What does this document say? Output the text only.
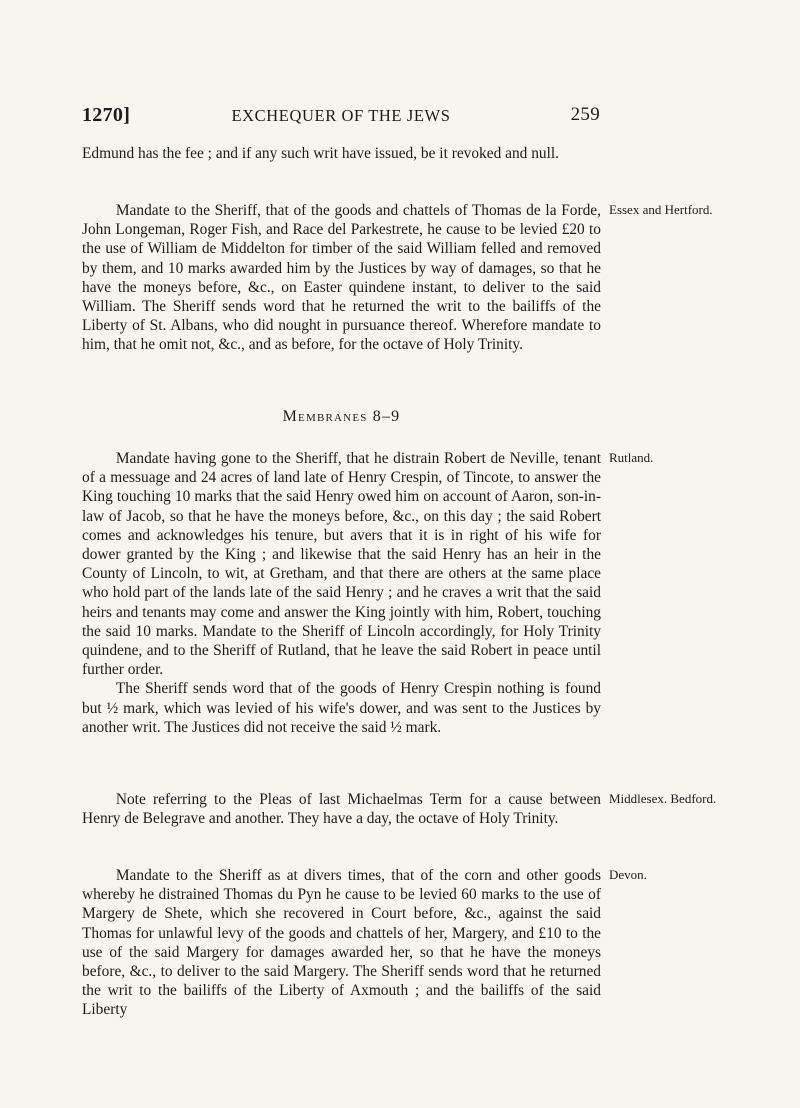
1270]	EXCHEQUER OF THE JEWS	259

Edmund has the fee ; and if any such writ have issued, be it revoked and null.

Mandate to the Sheriff, that of the goods and chattels of Thomas de la Forde, John Longeman, Roger Fish, and Race del Parkestrete, he cause to be levied £20 to the use of William de Middelton for timber of the said William felled and removed by them, and 10 marks awarded him by the Justices by way of damages, so that he have the moneys before, &c., on Easter quindene instant, to deliver to the said William. The Sheriff sends word that he returned the writ to the bailiffs of the Liberty of St. Albans, who did nought in pursuance thereof. Wherefore mandate to him, that he omit not, &c., and as before, for the octave of Holy Trinity.

Essex and Hertford.
Membranes 8–9

Mandate having gone to the Sheriff, that he distrain Robert de Neville, tenant of a messuage and 24 acres of land late of Henry Crespin, of Tincote, to answer the King touching 10 marks that the said Henry owed him on account of Aaron, son-in-law of Jacob, so that he have the moneys before, &c., on this day ; the said Robert comes and acknowledges his tenure, but avers that it is in right of his wife for dower granted by the King ; and likewise that the said Henry has an heir in the County of Lincoln, to wit, at Gretham, and that there are others at the same place who hold part of the lands late of the said Henry ; and he craves a writ that the said heirs and tenants may come and answer the King jointly with him, Robert, touching the said 10 marks. Mandate to the Sheriff of Lincoln accordingly, for Holy Trinity quindene, and to the Sheriff of Rutland, that he leave the said Robert in peace until further order.

The Sheriff sends word that of the goods of Henry Crespin nothing is found but ½ mark, which was levied of his wife's dower, and was sent to the Justices by another writ. The Justices did not receive the said ½ mark.

Rutland.

Note referring to the Pleas of last Michaelmas Term for a cause between Henry de Belegrave and another. They have a day, the octave of Holy Trinity.

Middlesex. Bedford.

Mandate to the Sheriff as at divers times, that of the corn and other goods whereby he distrained Thomas du Pyn he cause to be levied 60 marks to the use of Margery de Shete, which she recovered in Court before, &c., against the said Thomas for unlawful levy of the goods and chattels of her, Margery, and £10 to the use of the said Margery for damages awarded her, so that he have the moneys before, &c., to deliver to the said Margery. The Sheriff sends word that he returned the writ to the bailiffs of the Liberty of Axmouth ; and the bailiffs of the said Liberty

Devon.
